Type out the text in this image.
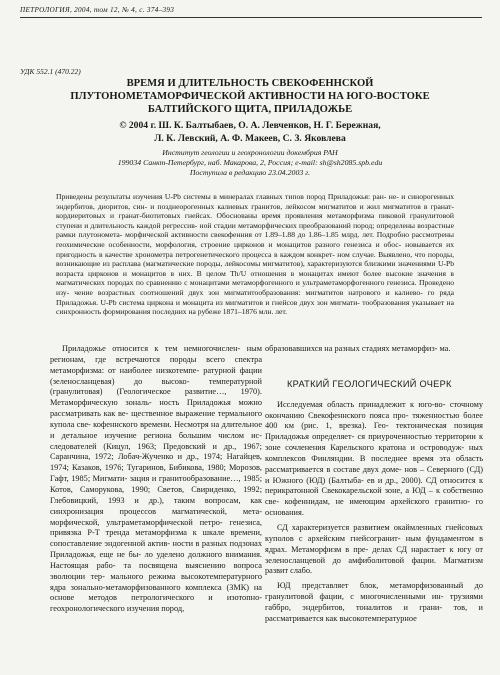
ПЕТРОЛОГИЯ, 2004, том 12, № 4, с. 374–393
УДК 552.1 (470.22)
ВРЕМЯ И ДЛИТЕЛЬНОСТЬ СВЕКОФЕННСКОЙ ПЛУТОНОМЕТАМОРФИЧЕСКОЙ АКТИВНОСТИ НА ЮГО-ВОСТОКЕ БАЛТИЙСКОГО ЩИТА, ПРИЛАДОЖЬЕ
© 2004 г. Ш. К. Балтыбаев, О. А. Левченков, Н. Г. Бережная,
Л. К. Левский, А. Ф. Макеев, С. З. Яковлева
Институт геологии и геохронологии докембрия РАН
199034 Санкт-Петербург, наб. Макарова, 2, Россия; e-mail: sh@sh2085.spb.edu
Поступила в редакцию 23.04.2003 г.

Приведены результаты изучения U-Pb системы в минералах главных типов пород Приладожья: ран- не- и синорогенных эндербитов, диоритов, син- и позднеорогенных калиевых гранитов, лейкосом мигматитов и жил мигматитов в гранат-кордиеритовых и гранат-биотитовых гнейсах. Обоснованы время проявления метаморфизма пиковой гранулитовой ступени и длительность каждой регрессив- ной стадии метаморфических преобразований пород; определены возрастные рамки плутонометa- морфической активности свекофенния от 1.89–1.88 до 1.86–1.85 млрд. лет. Подробно рассмотрены геохимические особенности, морфология, строение цирконов и монацитов разного генезиса и обос- новывается их пригодность в качестве хронометра петрогенетического процесса в каждом конкрет- ном случае. Выявлено, что породы, возникающие из расплава (магматические породы, лейкосомы мигматитов), характеризуются близкими значениями U-Pb возраста цирконов и монацитов в них. В целом Th/U отношения в монацитах имеют более высокие значения в магматических породах по сравнению с монацитами метаморфогенного и ультраметаморфогенного генезиса. Проведено изу- чение возрастных соотношений двух зон мигматитообразования: мигматитов натрового и калиево- го ряда Приладожья. U-Pb система циркона и монацита из мигматитов и гнейсов двух зон мигмати- тообразования указывает на синхронность формирования последних на рубеже 1871–1876 млн. лет.

Приладожье относится к тем немногочислен- ным регионам, где встречаются породы всего спектра метаморфизма: от наиболее низкотемпе- ратурной фации (зеленосланцевая) до высоко- температурной (гранулитовая) (Геологическое развитие…, 1970). Метаморфическую зональ- ность Приладожья можно рассматривать как ве- щественное выражение термального купола све- кофеннского времени. Несмотря на длительное и детальное изучение региона большим числом ис- следователей (Кицул, 1963; Предовский и др., 1967; Саранчина, 1972; Лобач-Жученко и др., 1974; Нагайцев, 1974; Казаков, 1976; Тугаринов, Бибикова, 1980; Морозов, Гафт, 1985; Мигмати- зация и гранитообразование…, 1985; Котов, Саморукова, 1990; Светов, Свириденко, 1992; Глебовицкий, 1993 и др.), таким вопросам, как синхронизация процессов магматической, мета- морфической, ультраметаморфической петро- генезиса, привязка P-T тренда метаморфизма к шкале времени, сопоставление эндогенной актив- ности в разных подзонах Приладожья, еще не бы- ло уделено должного внимания. Настоящая рабо- та посвящена выяснению вопроса эволюции тер- мального режима высокотемпературного ядра зонально-метаморфизованного комплекса (ЗМК) на основе методов петрологического и изотопно-геохронологического изучения пород,

образовавшихся на разных стадиях метаморфиз- ма.

КРАТКИЙ ГЕОЛОГИЧЕСКИЙ ОЧЕРК

Исследуемая область принадлежит к юго-во- сточному окончанию Свекофеннского пояса про- тяженностью более 400 км (рис. 1, врезка). Гео- тектоническая позиция Приладожья определяет- ся приуроченностью территории к зоне сочленения Карельского кратона и островодуж- ных комплексов Финляндии. В последнее время эта область рассматривается в составе двух доме- нов – Северного (СД) и Южного (ЮД) (Балтыба- ев и др., 2000). СД относится к перикратонной Свекокарельской зоне, а ЮД – к собственно све- кофеннидам, не имеющим архейского гранитно- го основания.

СД характеризуется развитием окаймленных гнейсовых куполов с архейским гнейсогранит- ным фундаментом в ядрах. Метаморфизм в пре- делах СД нарастает к югу от зеленосланцевой до амфиболитовой фации. Магматизм развит слабо.

ЮД представляет блок, метаморфизованный до гранулитовой фации, с многочисленными ин- трузиями габбро, эндербитов, тоналитов и грани- тов, и рассматривается как высокотемпературное
